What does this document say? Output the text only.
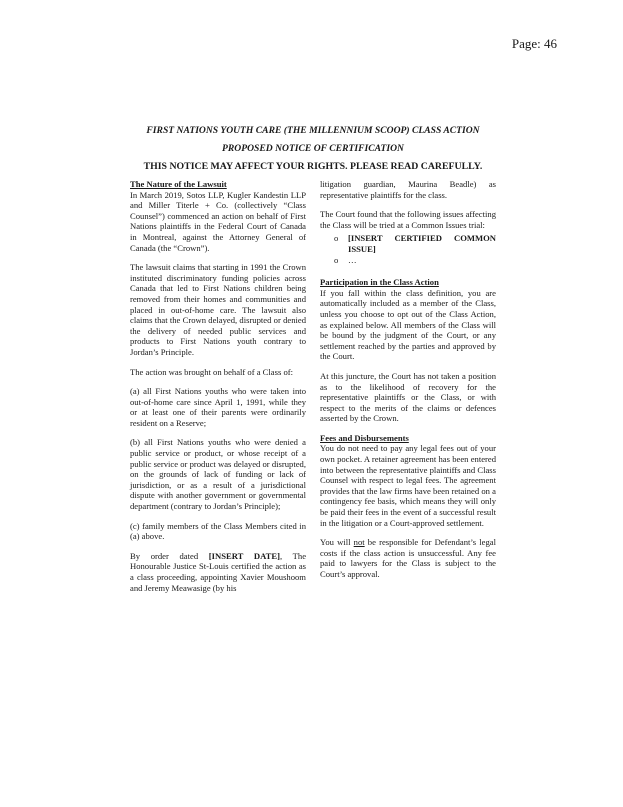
Page: 46
FIRST NATIONS YOUTH CARE (THE MILLENNIUM SCOOP) CLASS ACTION
PROPOSED NOTICE OF CERTIFICATION
THIS NOTICE MAY AFFECT YOUR RIGHTS. PLEASE READ CAREFULLY.

The Nature of the Lawsuit
In March 2019, Sotos LLP, Kugler Kandestin LLP and Miller Titerle + Co. (collectively “Class Counsel”) commenced an action on behalf of First Nations plaintiffs in the Federal Court of Canada in Montreal, against the Attorney General of Canada (the “Crown”).

The lawsuit claims that starting in 1991 the Crown instituted discriminatory funding policies across Canada that led to First Nations children being removed from their homes and communities and placed in out-of-home care. The lawsuit also claims that the Crown delayed, disrupted or denied the delivery of needed public services and products to First Nations youth contrary to Jordan’s Principle.

The action was brought on behalf of a Class of:

(a) all First Nations youths who were taken into out-of-home care since April 1, 1991, while they or at least one of their parents were ordinarily resident on a Reserve;

(b) all First Nations youths who were denied a public service or product, or whose receipt of a public service or product was delayed or disrupted, on the grounds of lack of funding or lack of jurisdiction, or as a result of a jurisdictional dispute with another government or governmental department (contrary to Jordan’s Principle);

(c) family members of the Class Members cited in (a) above.

By order dated [INSERT DATE], The Honourable Justice St-Louis certified the action as a class proceeding, appointing Xavier Moushoom and Jeremy Meawasige (by his

litigation guardian, Maurina Beadle) as representative plaintiffs for the class.

The Court found that the following issues affecting the Class will be tried at a Common Issues trial:

o [INSERT CERTIFIED COMMON ISSUE]
o …

Participation in the Class Action
If you fall within the class definition, you are automatically included as a member of the Class, unless you choose to opt out of the Class Action, as explained below. All members of the Class will be bound by the judgment of the Court, or any settlement reached by the parties and approved by the Court.

At this juncture, the Court has not taken a position as to the likelihood of recovery for the representative plaintiffs or the Class, or with respect to the merits of the claims or defences asserted by the Crown.

Fees and Disbursements
You do not need to pay any legal fees out of your own pocket. A retainer agreement has been entered into between the representative plaintiffs and Class Counsel with respect to legal fees. The agreement provides that the law firms have been retained on a contingency fee basis, which means they will only be paid their fees in the event of a successful result in the litigation or a Court-approved settlement.

You will not be responsible for Defendant’s legal costs if the class action is unsuccessful. Any fee paid to lawyers for the Class is subject to the Court’s approval.
